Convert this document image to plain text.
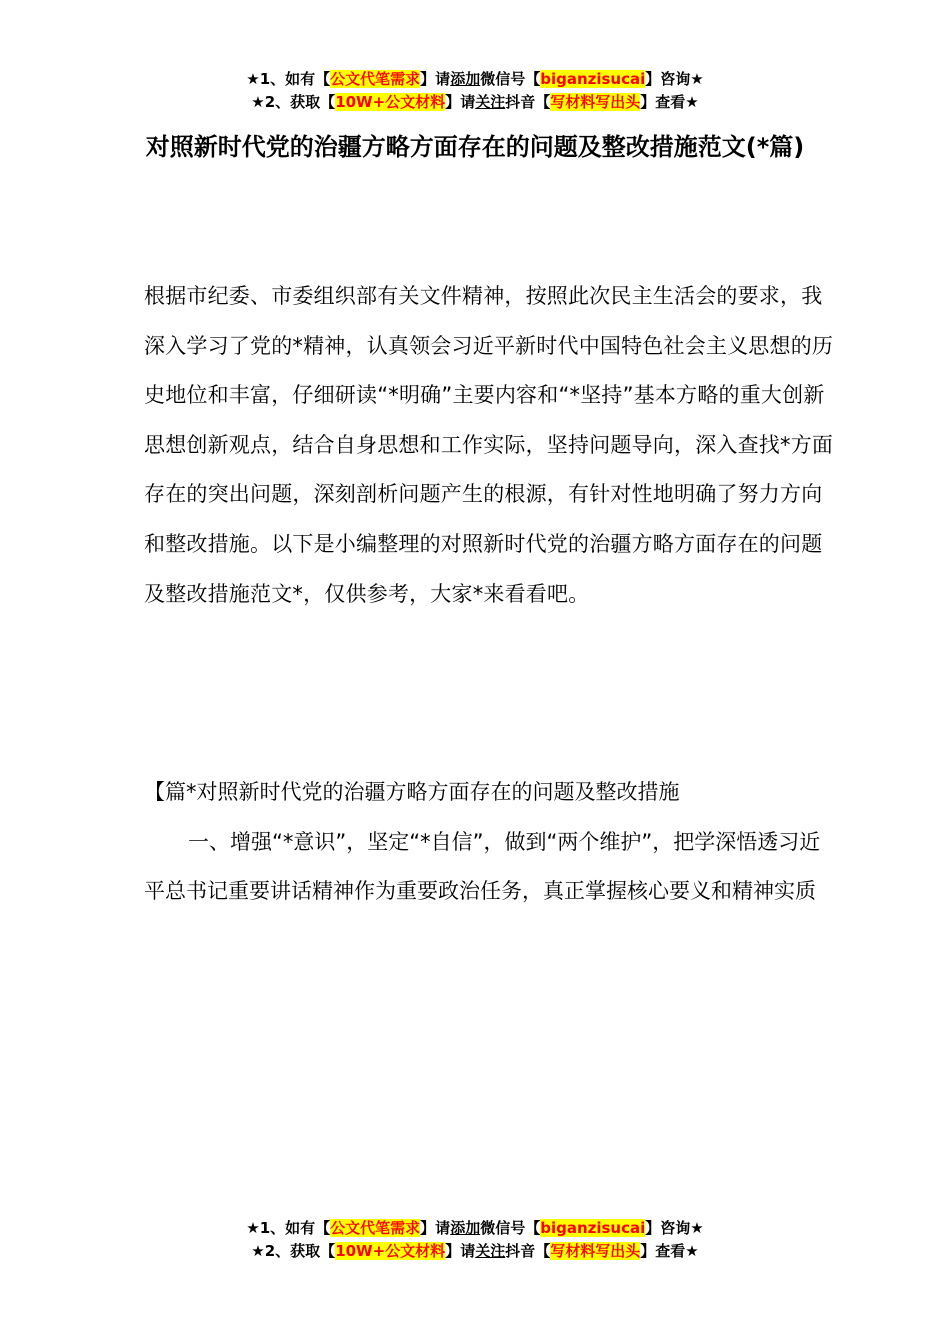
★1、如有【公文代笔需求】请添加微信号【biganzisucai】咨询★
★2、获取【10W+公文材料】请关注抖音【写材料写出头】查看★
对照新时代党的治疆方略方面存在的问题及整改措施范文(*篇)

根据市纪委、市委组织部有关文件精神，按照此次民主生活会的要求，我深入学习了党的*精神，认真领会习近平新时代中国特色社会主义思想的历史地位和丰富，仔细研读“*明确”主要内容和“*坚持”基本方略的重大创新思想创新观点，结合自身思想和工作实际，坚持问题导向，深入查找*方面存在的突出问题，深刻剖析问题产生的根源，有针对性地明确了努力方向和整改措施。以下是小编整理的对照新时代党的治疆方略方面存在的问题及整改措施范文*，仅供参考，大家*来看看吧。

【篇*对照新时代党的治疆方略方面存在的问题及整改措施

一、增强“*意识”，坚定“*自信”，做到“两个维护”，把学深悟透习近平总书记重要讲话精神作为重要政治任务，真正掌握核心要义和精神实质

★1、如有【公文代笔需求】请添加微信号【biganzisucai】咨询★
★2、获取【10W+公文材料】请关注抖音【写材料写出头】查看★
